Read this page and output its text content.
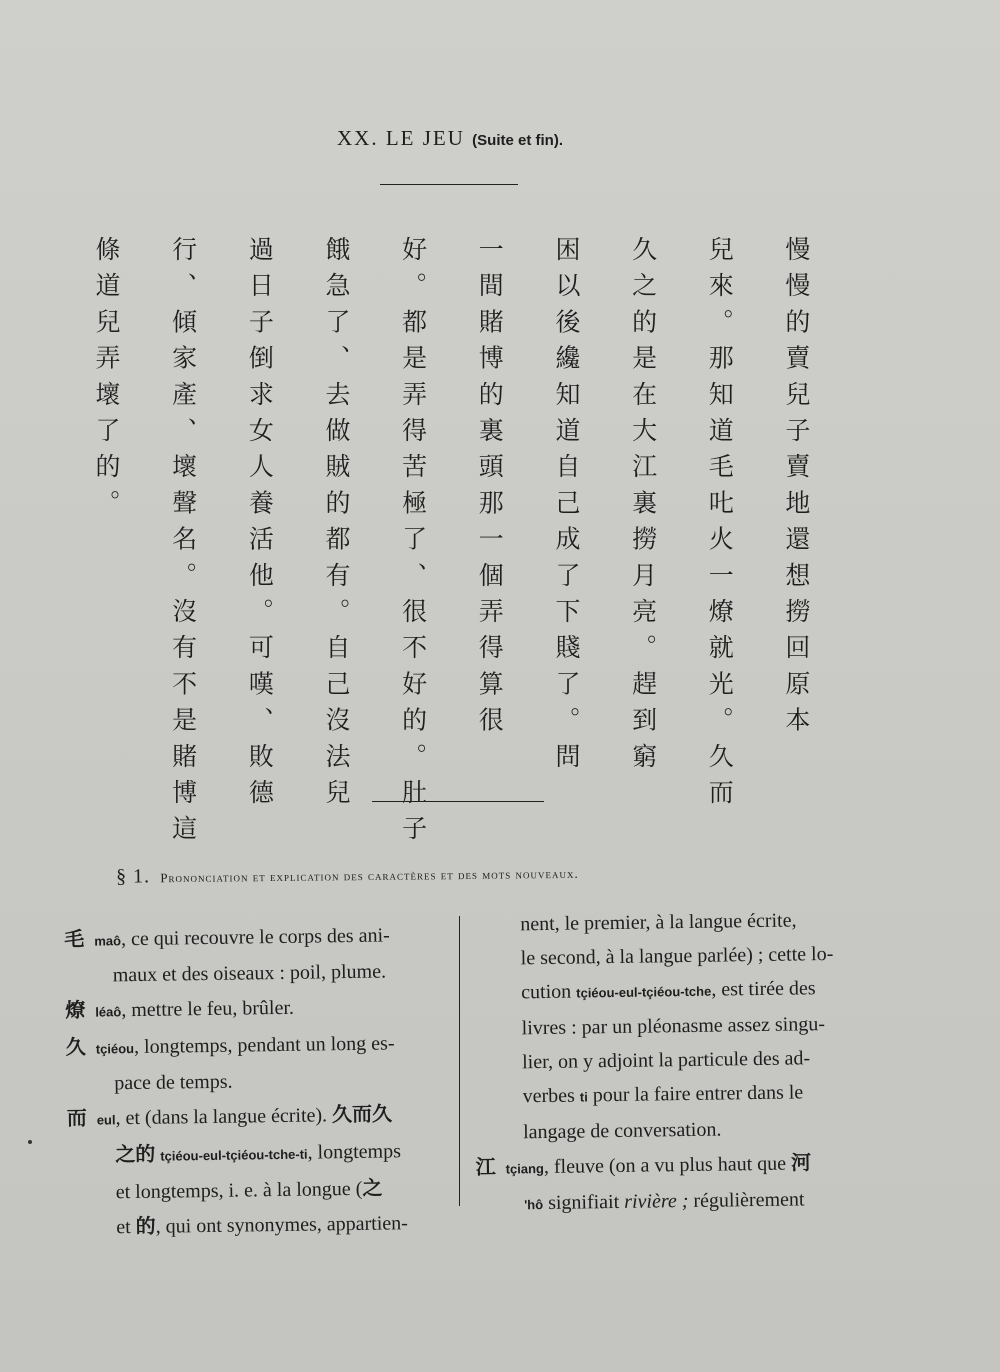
XX. LE JEU (Suite et fin).
慢慢的賣兒子賣地還想撈回原本
兒來。那知道毛𠮟火一燎就光。久而
久之的是在大江裏撈月亮。趕到窮
困以後纔知道自己成了下賤了。問
一間賭博的裏頭那一個弄得算很
好。都是弄得苦極了、很不好的。肚子
餓急了、去做賊的都有。自己沒法兒
過日子倒求女人養活他。可嘆、敗德
行、傾家產、壞聲名。沒有不是賭博這
條道兒弄壞了的。
§ 1. Prononciation et explication des caractères et des mots nouveaux.
毛maô, ce qui recouvre le corps des ani-
maux et des oiseaux : poil, plume.
燎léaô, mettre le feu, brûler.
久tçiéou, longtemps, pendant un long es-
pace de temps.
而eul, et (dans la langue écrite). 久而久
之的 tçiéou-eul-tçiéou-tche-ti, longtemps
et longtemps, i. e. à la longue (之
et 的, qui ont synonymes, appartien-
nent, le premier, à la langue écrite,
le second, à la langue parlée) ; cette lo-
cution tçiéou-eul-tçiéou-tche, est tirée des
livres : par un pléonasme assez singu-
lier, on y adjoint la particule des ad-
verbes ti pour la faire entrer dans le
langage de conversation.
江tçiang, fleuve (on a vu plus haut que 河
'hô signifiait rivière ; régulièrement
